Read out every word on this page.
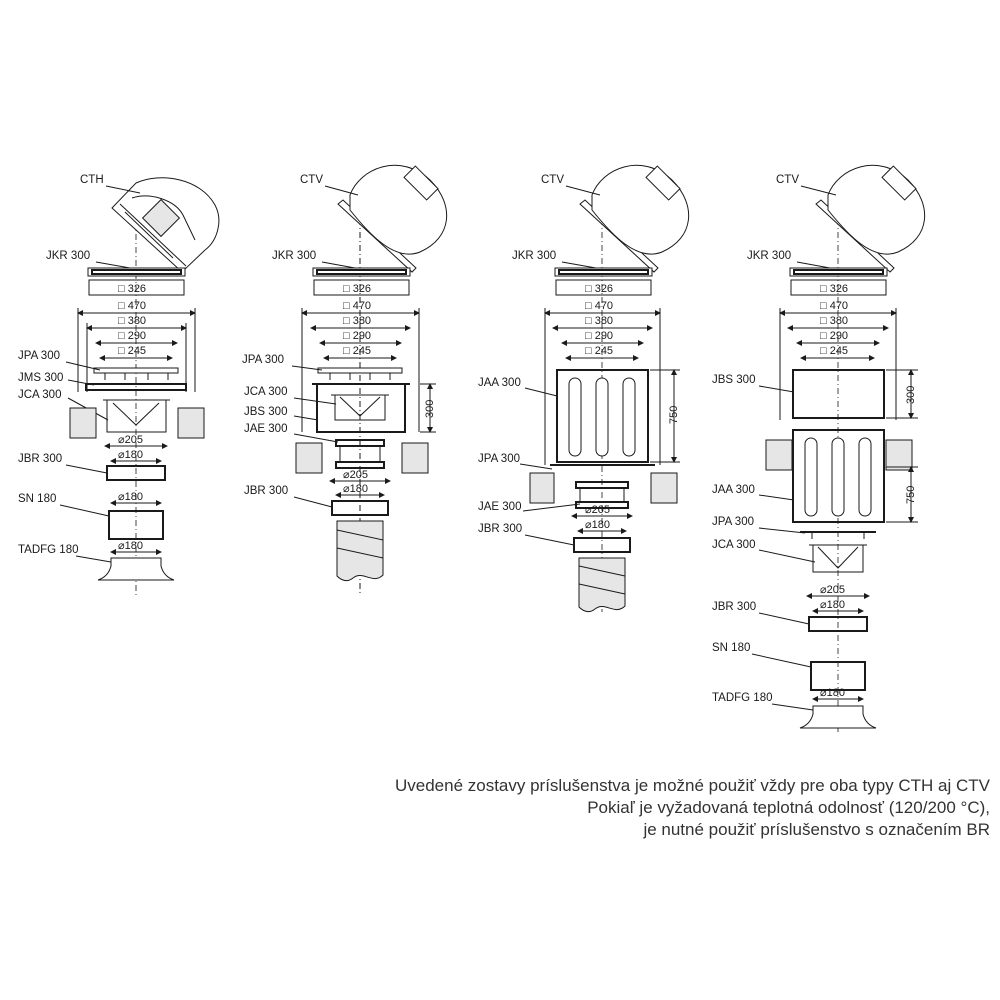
CTH
JKR 300
□ 326
□ 470
□ 380
□ 290
□ 245
JPA 300
JMS 300
JCA 300
⌀205
⌀180
JBR 300
⌀180
SN 180
⌀180
TADFG 180
CTV
JKR 300
□ 326
□ 470
□ 380
□ 290
□ 245
JPA 300
300
JCA 300
JBS 300
JAE 300
⌀205
⌀180
JBR 300
CTV
JKR 300
□ 326
□ 470
□ 380
□ 290
□ 245
750
JAA 300
JPA 300
JAE 300	⌀205
⌀180
JBR 300
CTV
JKR 300
□ 326
□ 470
□ 380
□ 290
□ 245
300
JBS 300
750
JAA 300
JPA 300
JCA 300
⌀205
⌀180
JBR 300
SN 180
⌀180
TADFG 180
Uvedené zostavy príslušenstva je možné použiť vždy pre oba typy CTH aj CTV
Pokiaľ je vyžadovaná teplotná odolnosť (120/200 °C),
je nutné použiť príslušenstvo s označením BR
